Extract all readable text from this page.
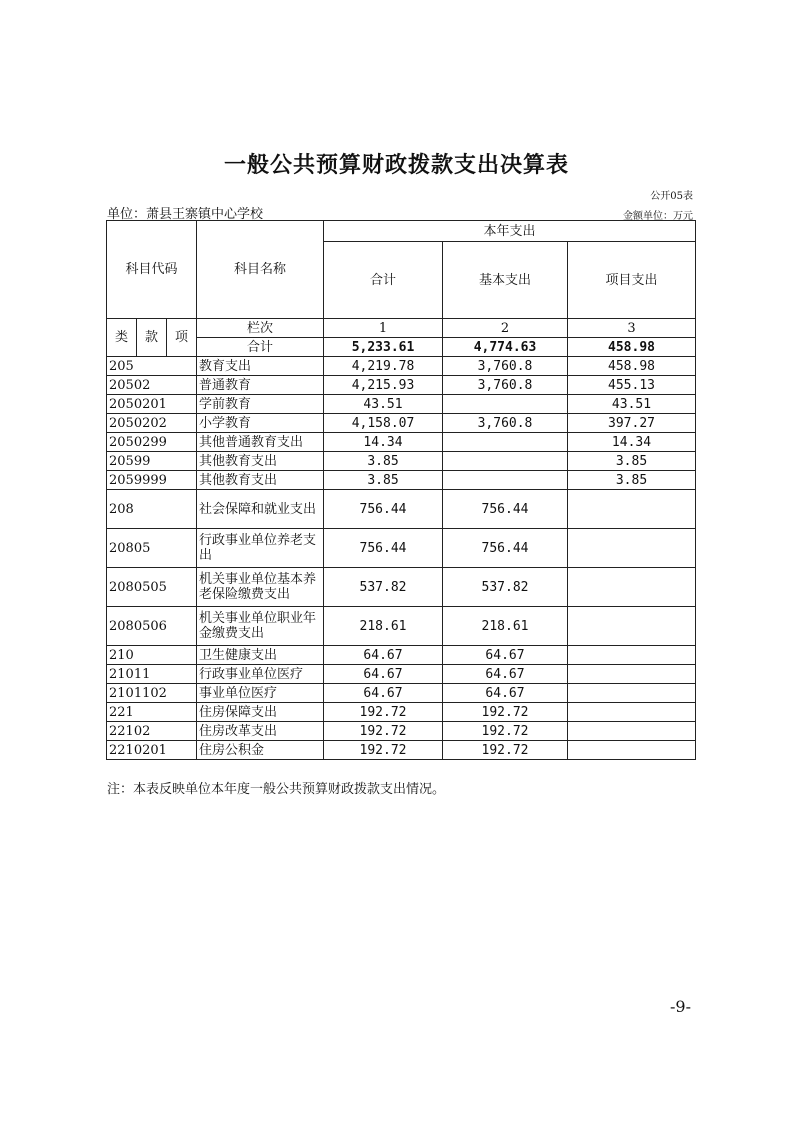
一般公共预算财政拨款支出决算表
公开05表
单位：萧县王寨镇中心学校	金额单位：万元
科目代码			科目名称	本年支出		
				合计	基本支出	项目支出
类	款	项	栏次	1	2	3
			合计	5,233.61	4,774.63	458.98
205			教育支出	4,219.78	3,760.8	458.98
20502			普通教育	4,215.93	3,760.8	455.13
2050201			学前教育	43.51		43.51
2050202			小学教育	4,158.07	3,760.8	397.27
2050299			其他普通教育支出	14.34		14.34
20599			其他教育支出	3.85		3.85
2059999			其他教育支出	3.85		3.85
208			社会保障和就业支出	756.44	756.44	
20805			行政事业单位养老支出	756.44	756.44	
2080505			机关事业单位基本养老保险缴费支出	537.82	537.82	
2080506			机关事业单位职业年金缴费支出	218.61	218.61	
210			卫生健康支出	64.67	64.67	
21011			行政事业单位医疗	64.67	64.67	
2101102			事业单位医疗	64.67	64.67	
221			住房保障支出	192.72	192.72	
22102			住房改革支出	192.72	192.72	
2210201			住房公积金	192.72	192.72	
注：本表反映单位本年度一般公共预算财政拨款支出情况。
-9-
